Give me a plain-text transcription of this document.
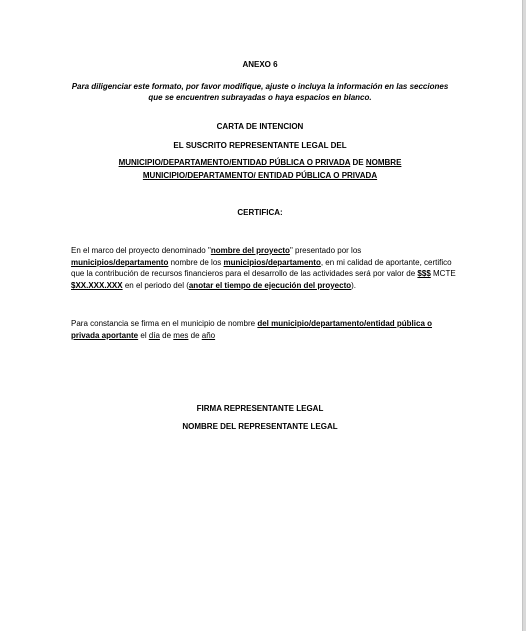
ANEXO 6
Para diligenciar este formato, por favor modifique, ajuste o incluya la información en las secciones
que se encuentren subrayadas o haya espacios en blanco.
CARTA DE INTENCION
EL SUSCRITO REPRESENTANTE LEGAL DEL
MUNICIPIO/DEPARTAMENTO/ENTIDAD PÚBLICA O PRIVADA DE NOMBRE
MUNICIPIO/DEPARTAMENTO/ ENTIDAD PÚBLICA O PRIVADA
CERTIFICA:
En el marco del proyecto denominado "nombre del proyecto" presentado por los municipios/departamento nombre de los municipios/departamento, en mi calidad de aportante, certifico que la contribución de recursos financieros para el desarrollo de las actividades será por valor de $$$ MCTE $XX.XXX.XXX en el periodo del (anotar el tiempo de ejecución del proyecto).
Para constancia se firma en el municipio de nombre del municipio/departamento/entidad pública o privada aportante el día de mes de año
FIRMA REPRESENTANTE LEGAL
NOMBRE DEL REPRESENTANTE LEGAL
